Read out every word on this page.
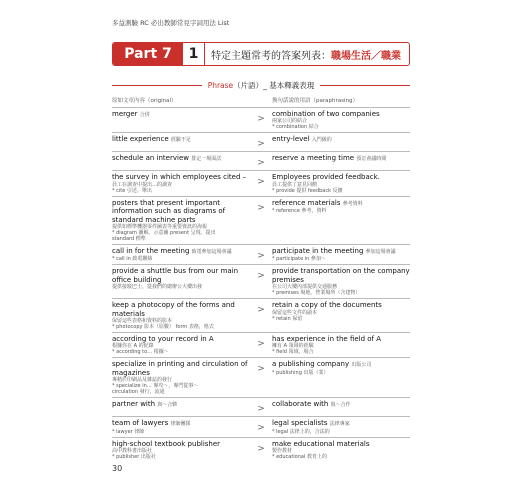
多益測驗 RC 必出教師常見字詞用法 List
Part 7	1	特定主題常考的答案列表： 職場生活／職業
Phrase（片語）_ 基本釋義表現
原如文章內容（original）	換句話說的用語（paraphrasing）
merger 合併	>	combination of two companies
兩家公司的結合
* combination 結合
little experience 經驗不足	>	entry-level 入門級的
schedule an interview 排定一場面試	>	reserve a meeting time 預訂會議時間
the survey in which employees cited –
員工在調查中提出…的調查
* cite 引述、舉出
>	Employees provided feedback.
員工提供了意見回饋
* provide 提供 feedback 反饋
posters that present important information such as diagrams of standard machine parts
提供如標準機器零件圖表等重要資訊的海報
* diagram 圖解、示意圖 present 呈現、提出
standard 標準
>	reference materials 參考資料
* reference 參考，資料
call in for the meeting 致電參加這場會議
* call in 致電聯絡	>	participate in the meeting 參加這場會議
* participate in 參加～
provide a shuttle bus from our main office building
提供接駁巴士，從我們的總辦公大樓出發
>	provide transportation on the company premises
在公司大樓內部提供交通服務
* premises 場地，營業場所（含建物）
keep a photocopy of the forms and materials
保留這些表格和資料的影本
* photocopy 影本（原數） form 表格，格式
>	retain a copy of the documents
保留這些文件的副本
* retain 保留
according to your record in A
根據你在 A 的紀錄
* according to… 根據～
>	has experience in the field of A
擁有 A 領域的經驗
* field 領域，場合
specialize in printing and circulation of magazines
專精於印刷品及雜誌的發行
* specialize in… 專攻～，專門從事～
circulation 發行，流通
>	a publishing company 出版公司
* publishing 出版（業）
partner with 與～合夥	>	collaborate with 與～合作
team of lawyers 律師團隊
* lawyer 律師	>	legal specialists 法律專家
* legal 法律上的，合法的
high-school textbook publisher
高中教科書出版社
* publisher 出版社
>	make educational materials
製作教材
* educational 教育上的
30
